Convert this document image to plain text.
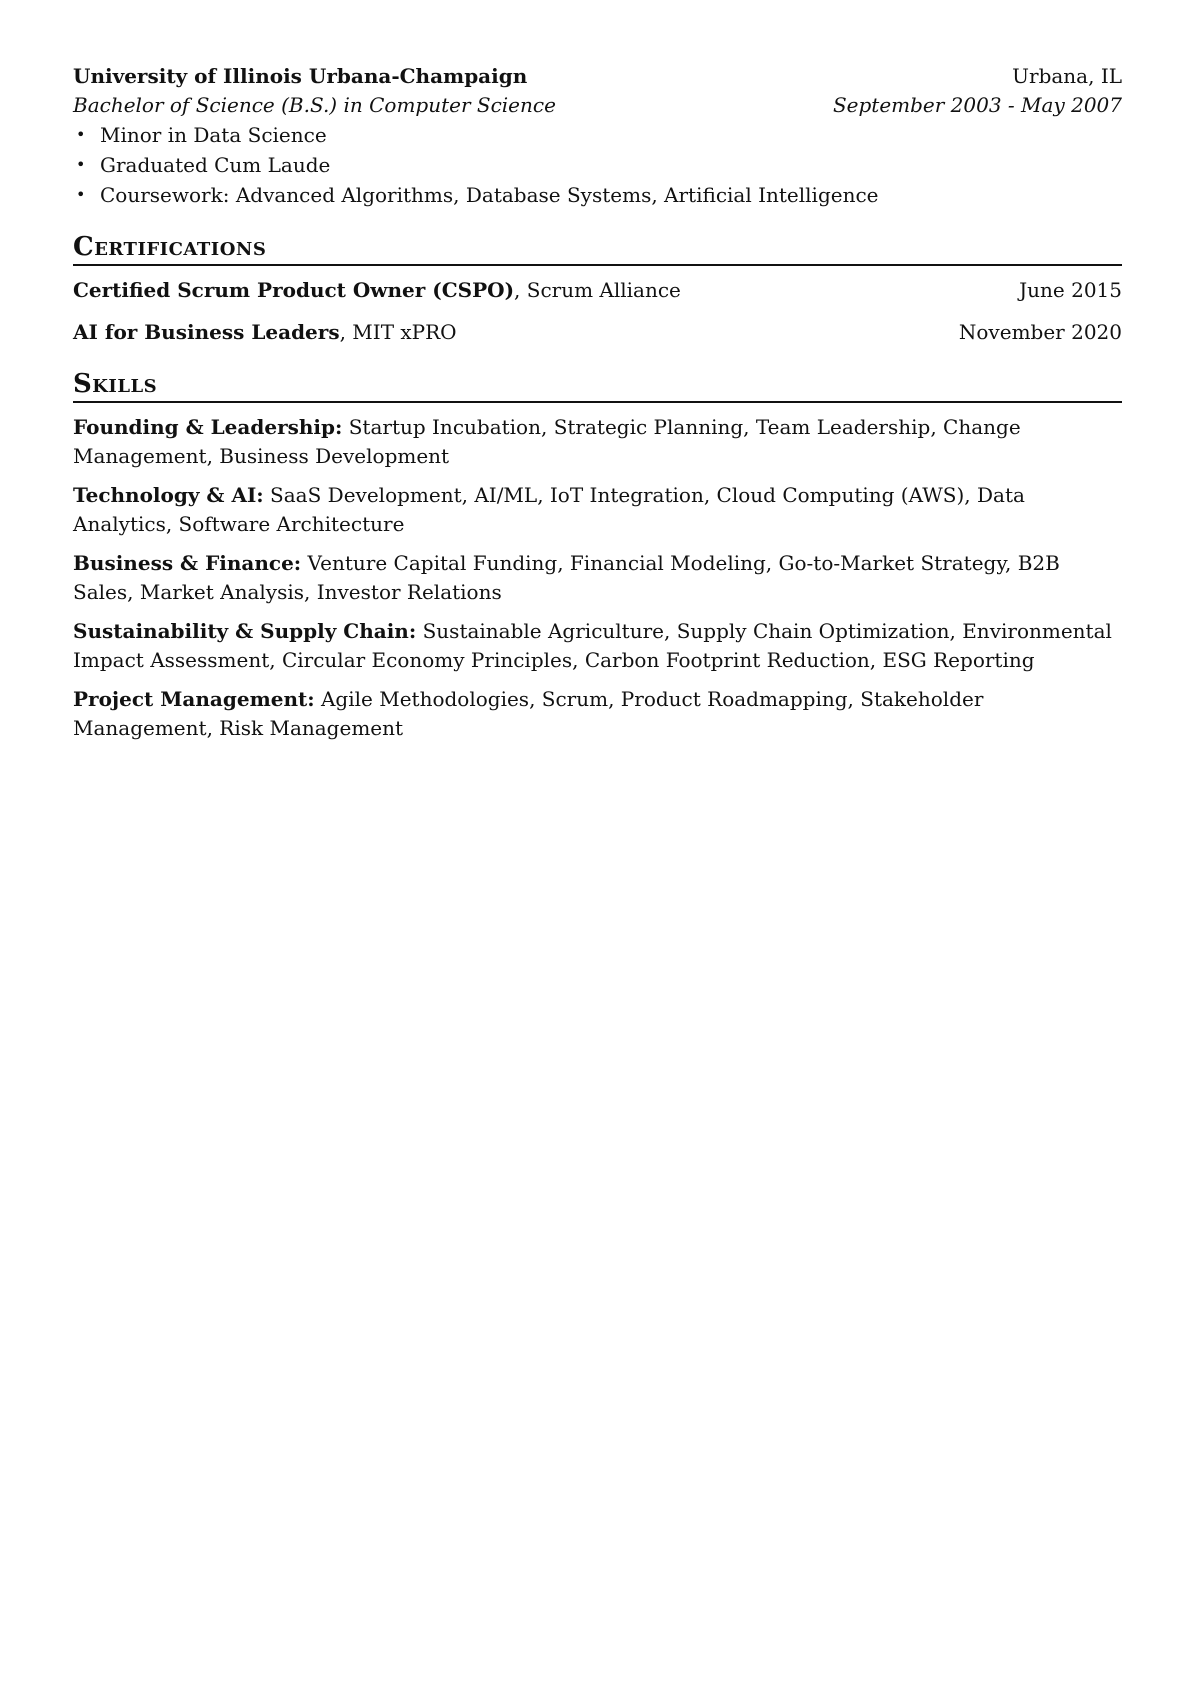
University of Illinois Urbana-Champaign	Urbana, IL
Bachelor of Science (B.S.) in Computer Science	September 2003 - May 2007
• Minor in Data Science
• Graduated Cum Laude
• Coursework: Advanced Algorithms, Database Systems, Artificial Intelligence
Certifications
Certified Scrum Product Owner (CSPO), Scrum Alliance	June 2015
AI for Business Leaders, MIT xPRO	November 2020
Skills
Founding & Leadership: Startup Incubation, Strategic Planning, Team Leadership, Change Management, Business Development
Technology & AI: SaaS Development, AI/ML, IoT Integration, Cloud Computing (AWS), Data Analytics, Software Architecture
Business & Finance: Venture Capital Funding, Financial Modeling, Go-to-Market Strategy, B2B Sales, Market Analysis, Investor Relations
Sustainability & Supply Chain: Sustainable Agriculture, Supply Chain Optimization, Environmental Impact Assessment, Circular Economy Principles, Carbon Footprint Reduction, ESG Reporting
Project Management: Agile Methodologies, Scrum, Product Roadmapping, Stakeholder Management, Risk Management
